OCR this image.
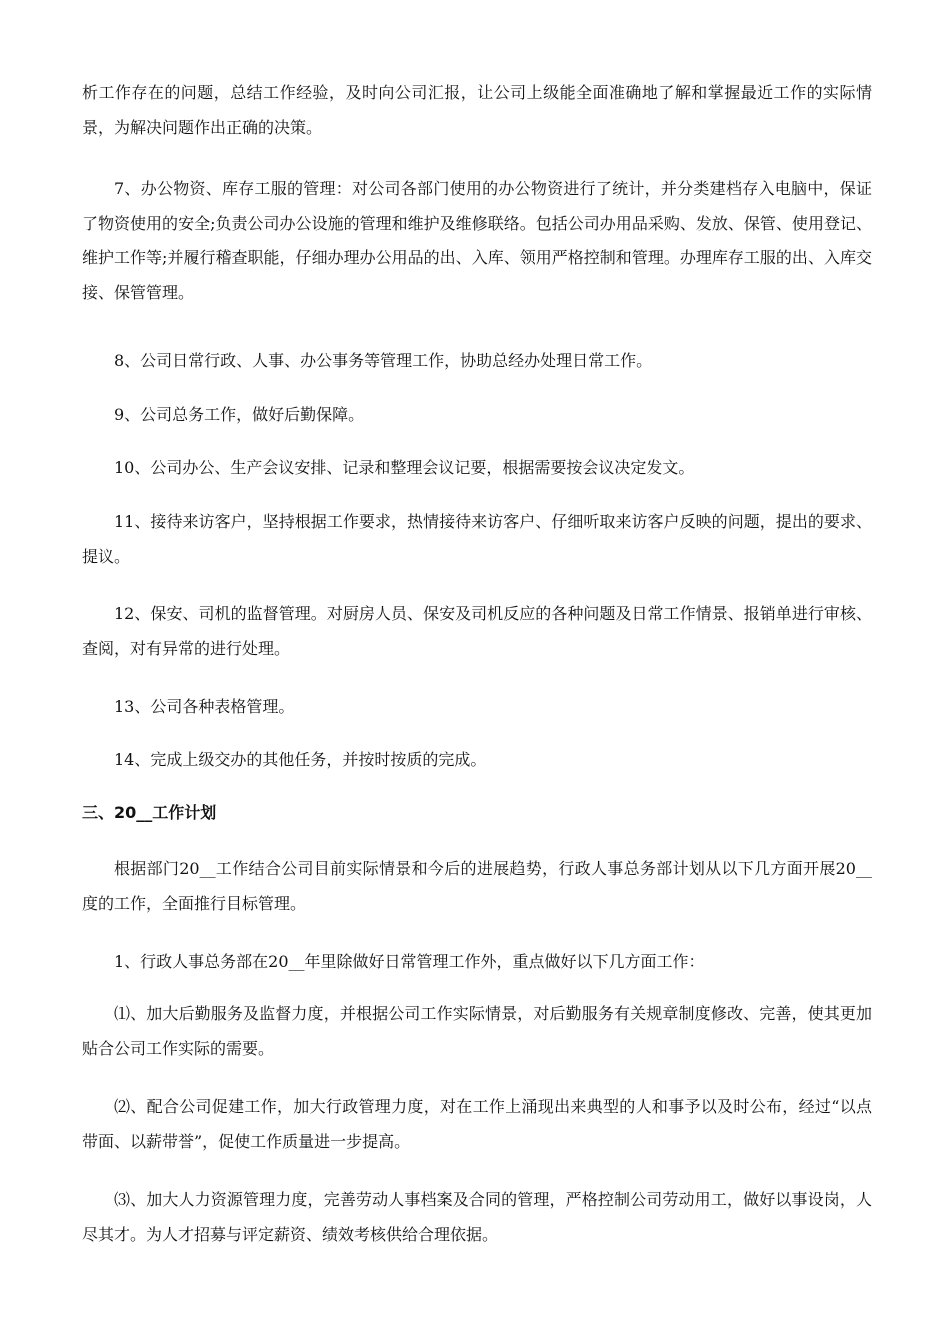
析工作存在的问题，总结工作经验，及时向公司汇报，让公司上级能全面准确地了解和掌握最近工作的实际情景，为解决问题作出正确的决策。

7、办公物资、库存工服的管理：对公司各部门使用的办公物资进行了统计，并分类建档存入电脑中，保证了物资使用的安全;负责公司办公设施的管理和维护及维修联络。包括公司办用品采购、发放、保管、使用登记、维护工作等;并履行稽查职能，仔细办理办公用品的出、入库、领用严格控制和管理。办理库存工服的出、入库交接、保管管理。

8、公司日常行政、人事、办公事务等管理工作，协助总经办处理日常工作。

9、公司总务工作，做好后勤保障。

10、公司办公、生产会议安排、记录和整理会议记要，根据需要按会议决定发文。

11、接待来访客户，坚持根据工作要求，热情接待来访客户、仔细听取来访客户反映的问题，提出的要求、提议。

12、保安、司机的监督管理。对厨房人员、保安及司机反应的各种问题及日常工作情景、报销单进行审核、查阅，对有异常的进行处理。

13、公司各种表格管理。

14、完成上级交办的其他任务，并按时按质的完成。

三、20__工作计划

根据部门20__工作结合公司目前实际情景和今后的进展趋势，行政人事总务部计划从以下几方面开展20__度的工作，全面推行目标管理。

1、行政人事总务部在20__年里除做好日常管理工作外，重点做好以下几方面工作：

⑴、加大后勤服务及监督力度，并根据公司工作实际情景，对后勤服务有关规章制度修改、完善，使其更加贴合公司工作实际的需要。

⑵、配合公司促建工作，加大行政管理力度，对在工作上涌现出来典型的人和事予以及时公布，经过“以点带面、以薪带誉”，促使工作质量进一步提高。

⑶、加大人力资源管理力度，完善劳动人事档案及合同的管理，严格控制公司劳动用工，做好以事设岗，人尽其才。为人才招募与评定薪资、绩效考核供给合理依据。
